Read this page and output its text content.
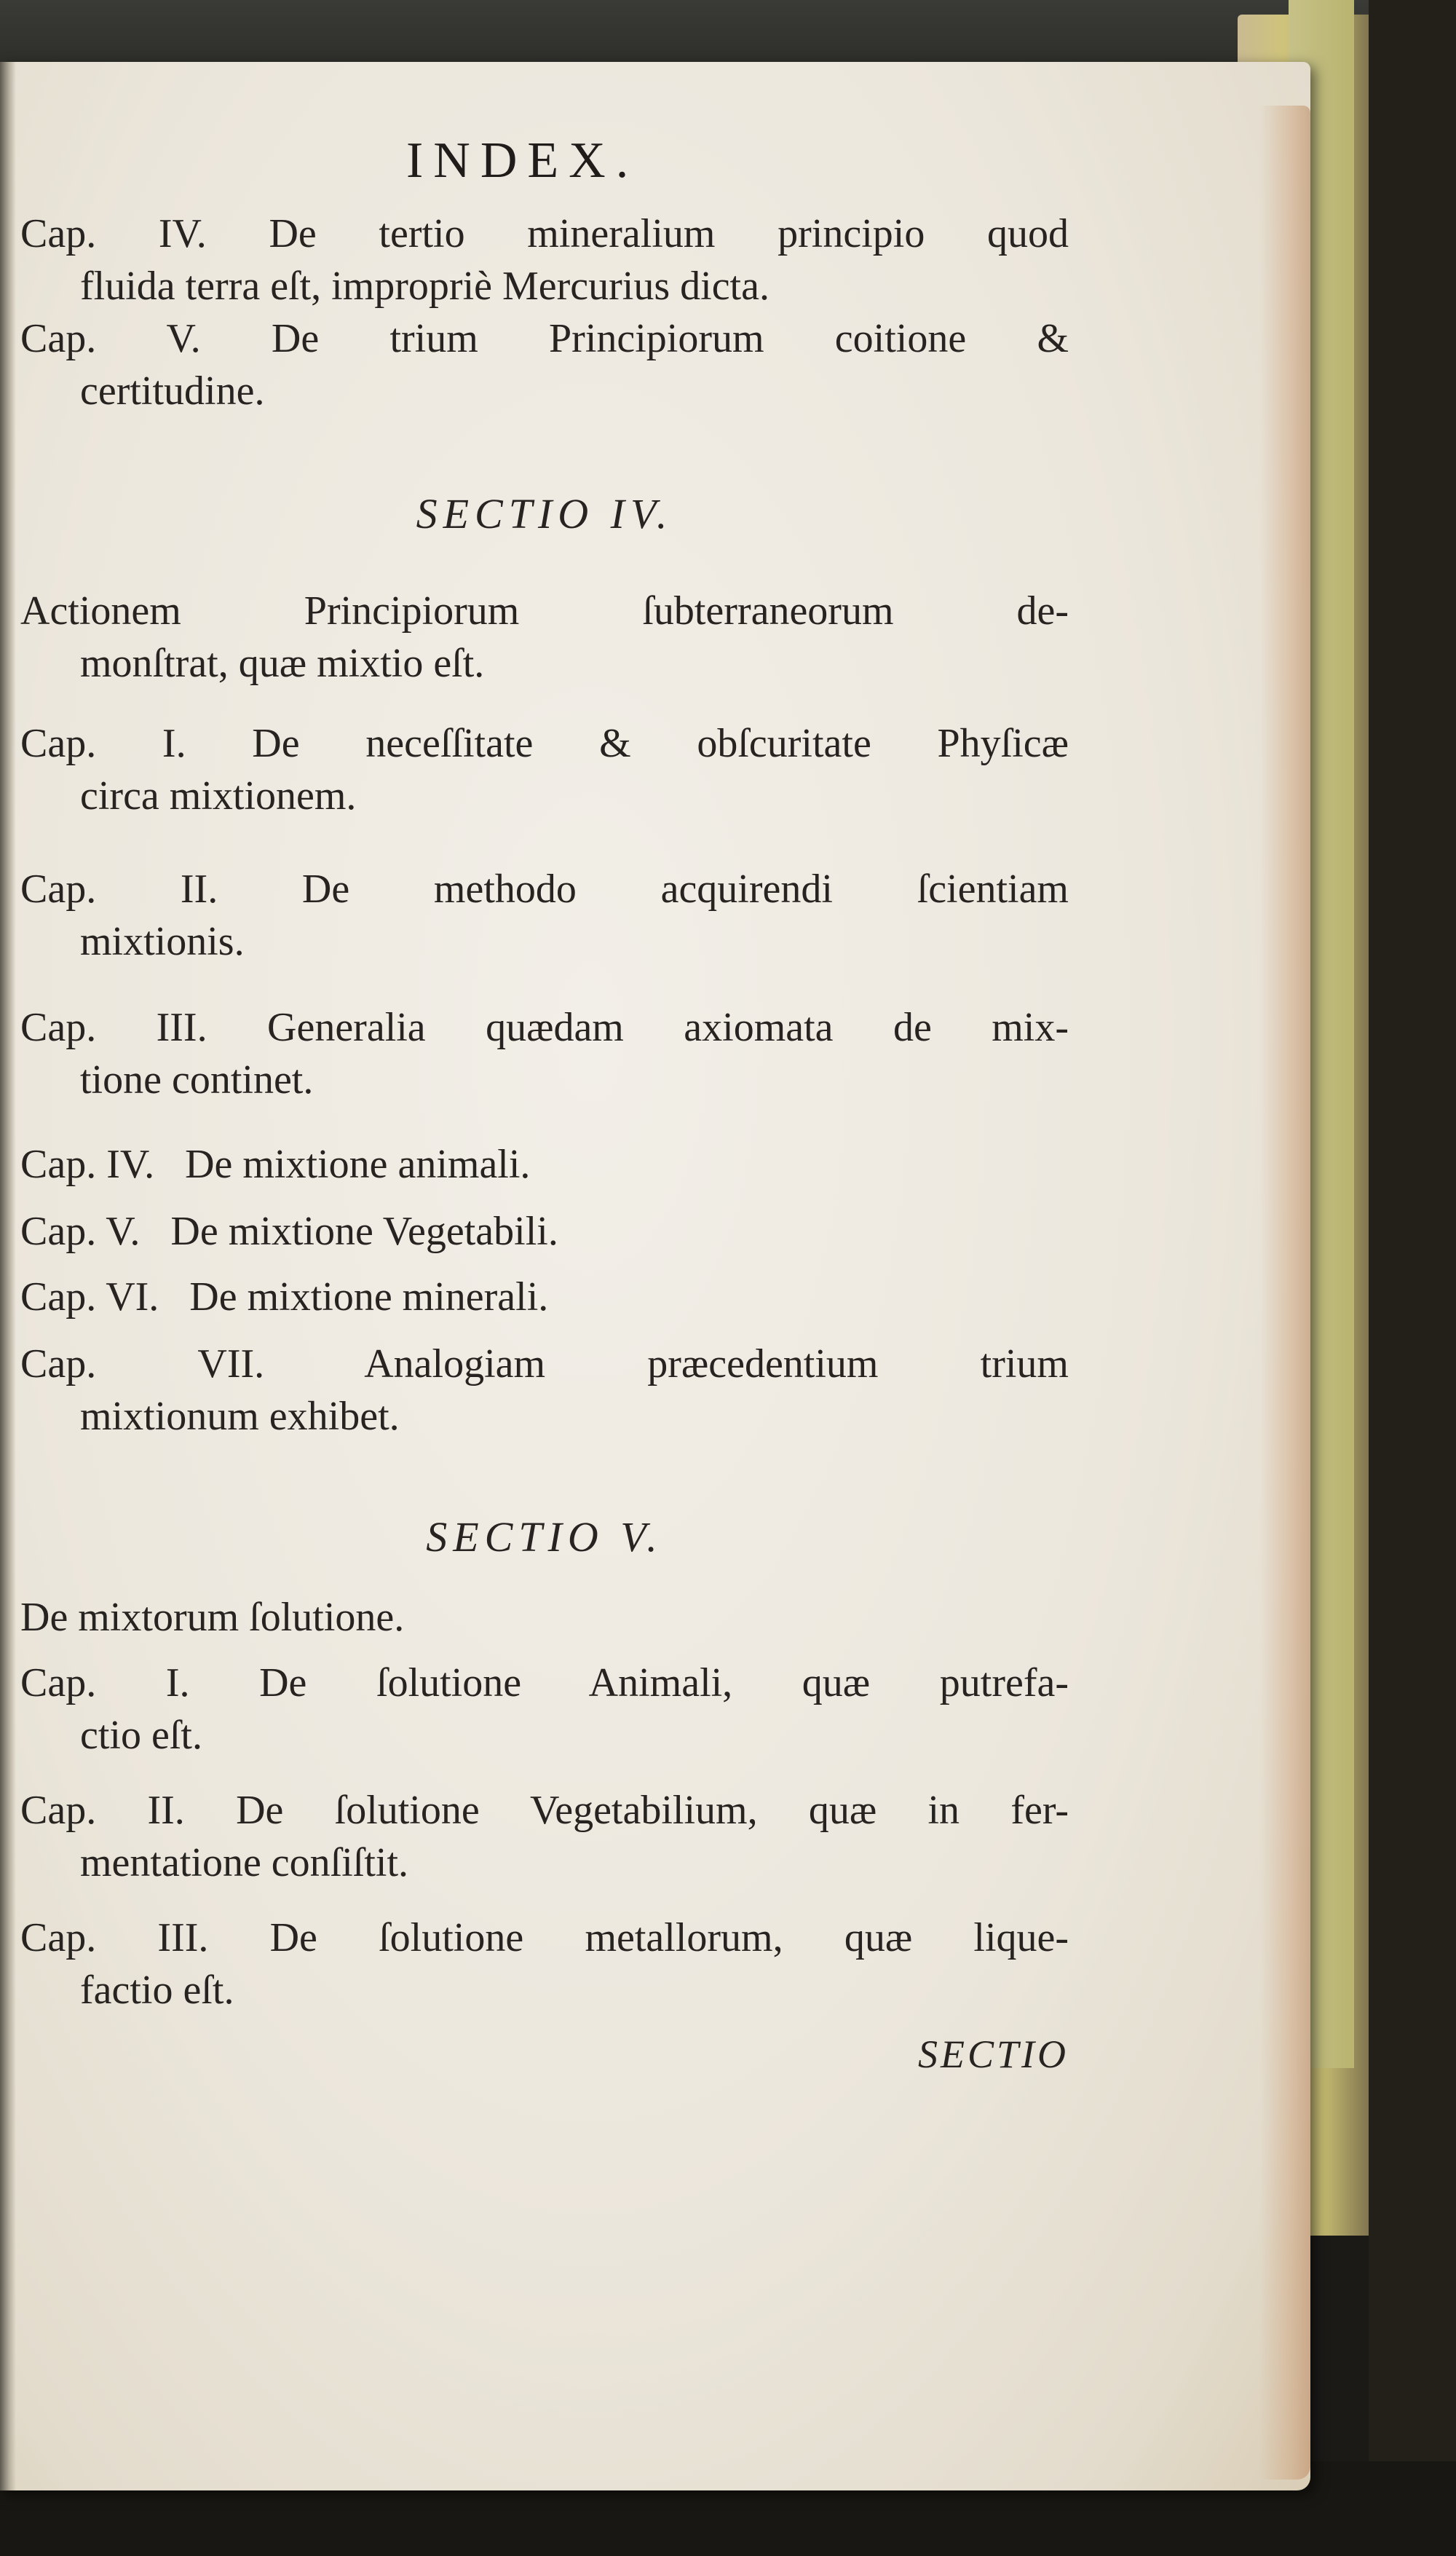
INDEX.
Cap. IV. De tertio mineralium principio quod
fluida terra eſt, impropriè Mercurius dicta.
Cap. V. De trium Principiorum coitione &
certitudine.
SECTIO IV.
Actionem Principiorum ſubterraneorum de-
monſtrat, quæ mixtio eſt.
Cap. I. De neceſſitate & obſcuritate Phyſicæ
circa mixtionem.
Cap. II. De methodo acquirendi ſcientiam
mixtionis.
Cap. III. Generalia quædam axiomata de mix-
tione continet.
Cap. IV. De mixtione animali.
Cap. V. De mixtione Vegetabili.
Cap. VI. De mixtione minerali.
Cap. VII. Analogiam præcedentium trium
mixtionum exhibet.
SECTIO V.
De mixtorum ſolutione.
Cap. I. De ſolutione Animali, quæ putrefa-
ctio eſt.
Cap. II. De ſolutione Vegetabilium, quæ in fer-
mentatione conſiſtit.
Cap. III. De ſolutione metallorum, quæ lique-
factio eſt.
SECTIO
